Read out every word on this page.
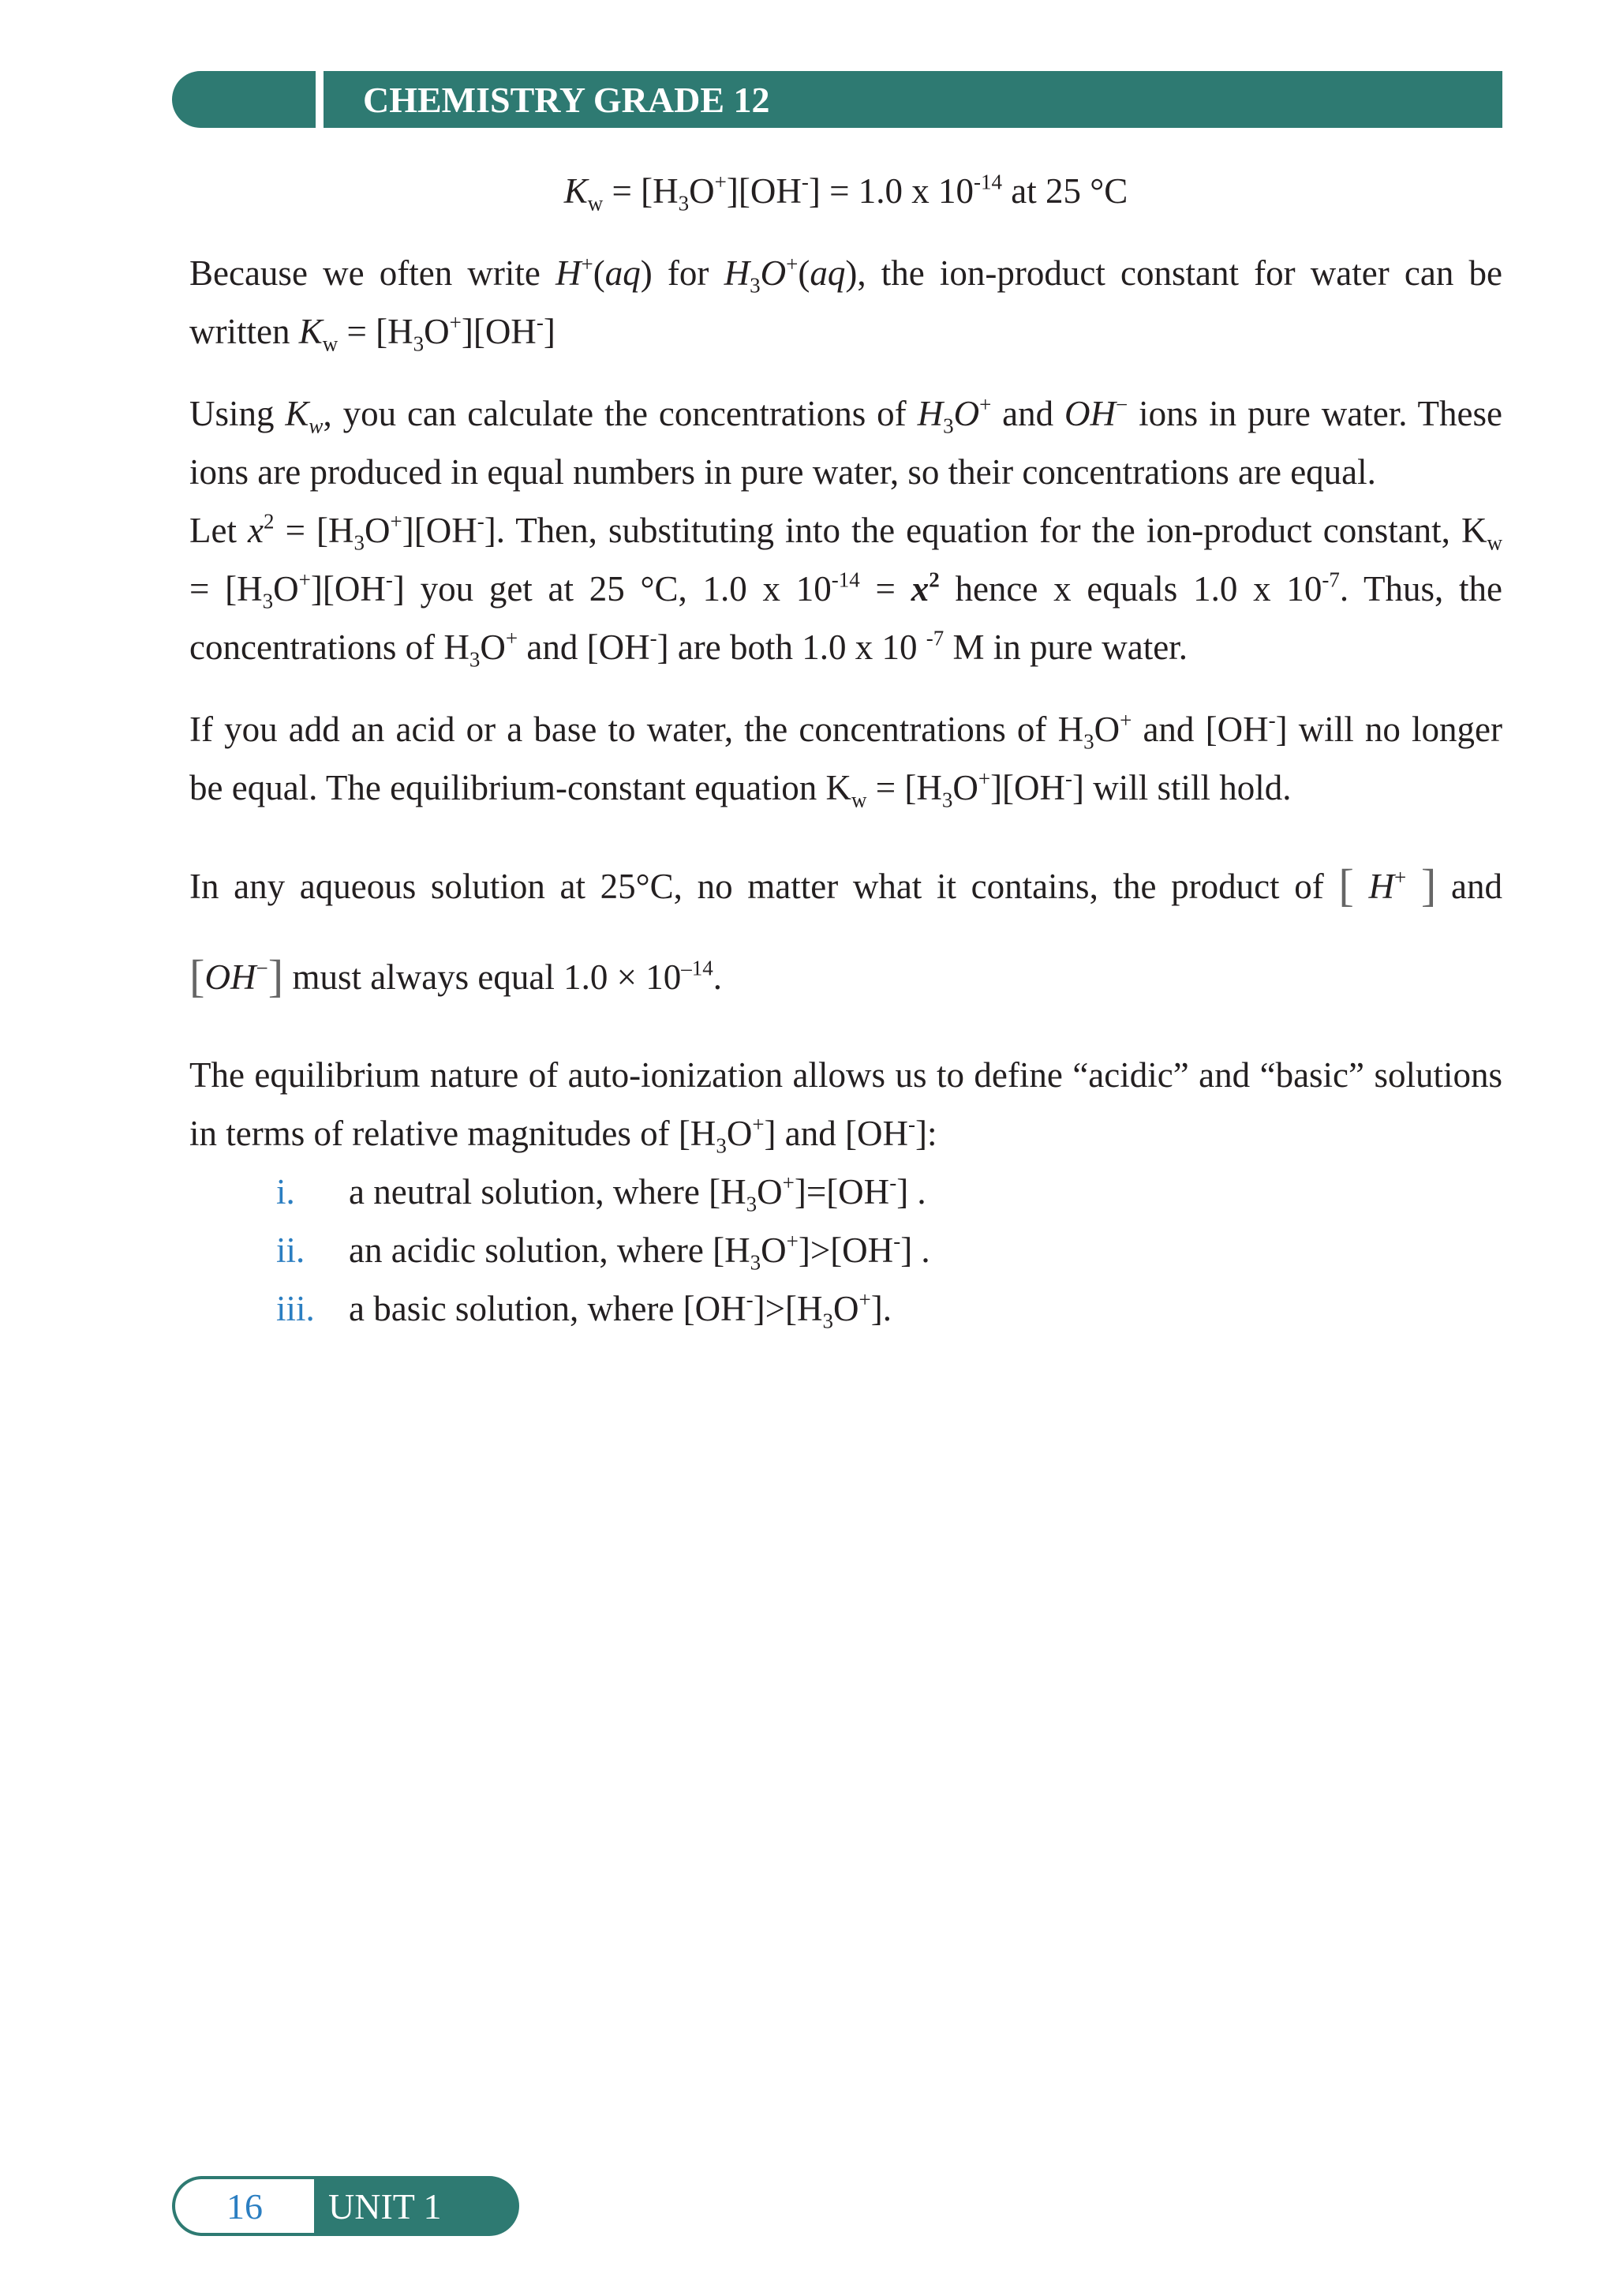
CHEMISTRY GRADE 12

$K_w = [H_3O^+][OH^-] = 1.0$ x $10^{-14}$ at 25 °C

Because we often write H+(aq) for $H_3O^+(aq)$, the ion-product constant for water can be written $K_w = [H_3O^+][OH^-]$

Using $K_w$, you can calculate the concentrations of $H_3O^+$ and OH− ions in pure water. These ions are produced in equal numbers in pure water, so their concentrations are equal.

Let $x^2 = [H_3O^+][OH^-]$. Then, substituting into the equation for the ion-product constant, $K_w = [H_3O^+][OH^-]$ you get at 25 °C, 1.0 x $10^{-14} = x^2$ hence x equals 1.0 x $10^{-7}$. Thus, the concentrations of $H_3O^+$ and [OH-] are both 1.0 x 10 $^{-7}$ M in pure water.

If you add an acid or a base to water, the concentrations of $H_3O^+$ and [OH-] will no longer be equal. The equilibrium-constant equation $K_w = [H_3O^+][OH^-]$ will still hold.

In any aqueous solution at 25°C, no matter what it contains, the product of [ H+ ] and [OH−] must always equal $1.0 \times 10^{-14}$.

The equilibrium nature of auto-ionization allows us to define “acidic” and “basic” solutions in terms of relative magnitudes of $[H_3O^+]$ and [OH-]:

i.	a neutral solution, where $[H_3O^+]=[OH^-]$ .
ii.	an acidic solution, where $[H_3O^+]>[OH^-]$ .
iii. a basic solution, where $[OH^-]>[H_3O^+]$.
16	UNIT 1
